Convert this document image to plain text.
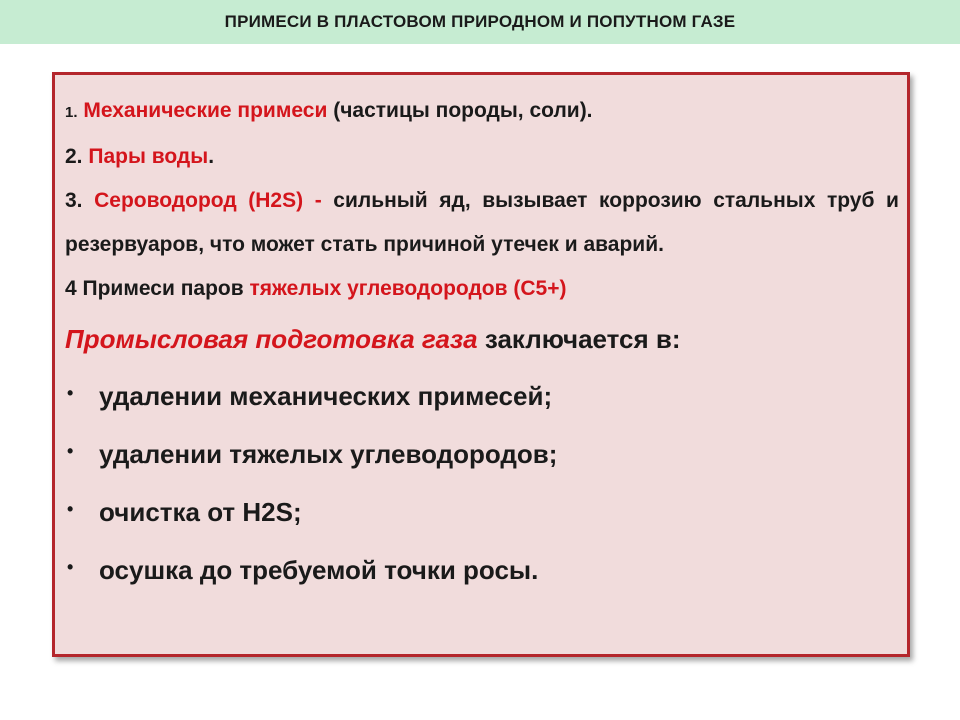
ПРИМЕСИ В ПЛАСТОВОМ ПРИРОДНОМ И ПОПУТНОМ ГАЗЕ

1. Механические примеси (частицы породы, соли).

2. Пары воды.

3. Сероводород (H2S) - сильный яд, вызывает коррозию стальных труб и резервуаров, что может стать причиной утечек и аварий.

4 Примеси паров тяжелых углеводородов (C5+)

Промысловая подготовка газа заключается в:

• удалении механических примесей;
• удалении тяжелых углеводородов;
• очистка от H2S;
• осушка до требуемой точки росы.
